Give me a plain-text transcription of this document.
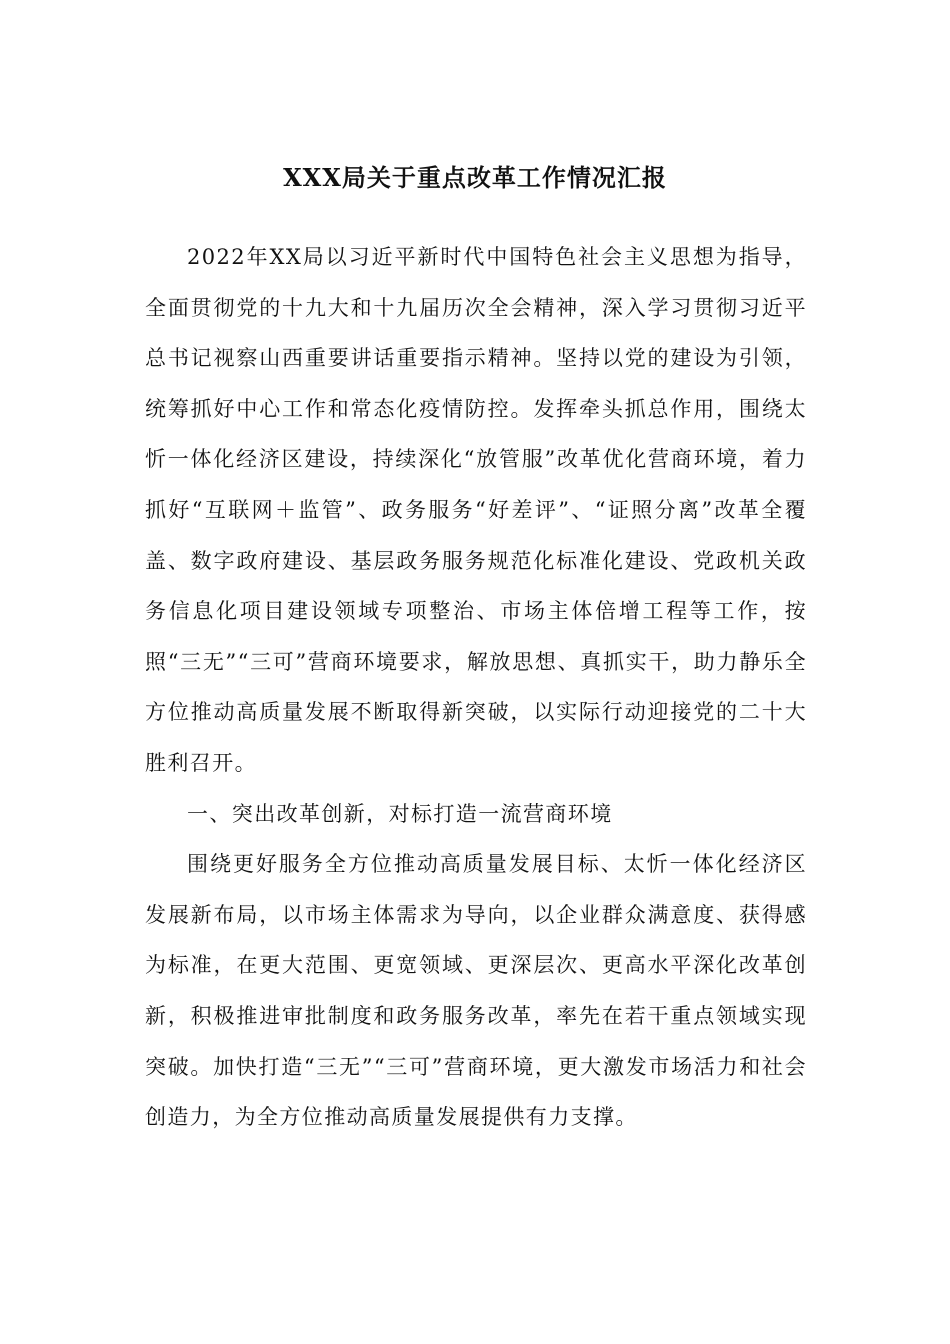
XXX局关于重点改革工作情况汇报

2022年XX局以习近平新时代中国特色社会主义思想为指导，全面贯彻党的十九大和十九届历次全会精神，深入学习贯彻习近平总书记视察山西重要讲话重要指示精神。坚持以党的建设为引领，统筹抓好中心工作和常态化疫情防控。发挥牵头抓总作用，围绕太忻一体化经济区建设，持续深化“放管服”改革优化营商环境，着力抓好“互联网＋监管”、政务服务“好差评”、“证照分离”改革全覆盖、数字政府建设、基层政务服务规范化标准化建设、党政机关政务信息化项目建设领域专项整治、市场主体倍增工程等工作，按照“三无”“三可”营商环境要求，解放思想、真抓实干，助力静乐全方位推动高质量发展不断取得新突破，以实际行动迎接党的二十大胜利召开。

一、突出改革创新，对标打造一流营商环境

围绕更好服务全方位推动高质量发展目标、太忻一体化经济区发展新布局，以市场主体需求为导向，以企业群众满意度、获得感为标准，在更大范围、更宽领域、更深层次、更高水平深化改革创新，积极推进审批制度和政务服务改革，率先在若干重点领域实现突破。加快打造“三无”“三可”营商环境，更大激发市场活力和社会创造力，为全方位推动高质量发展提供有力支撑。
